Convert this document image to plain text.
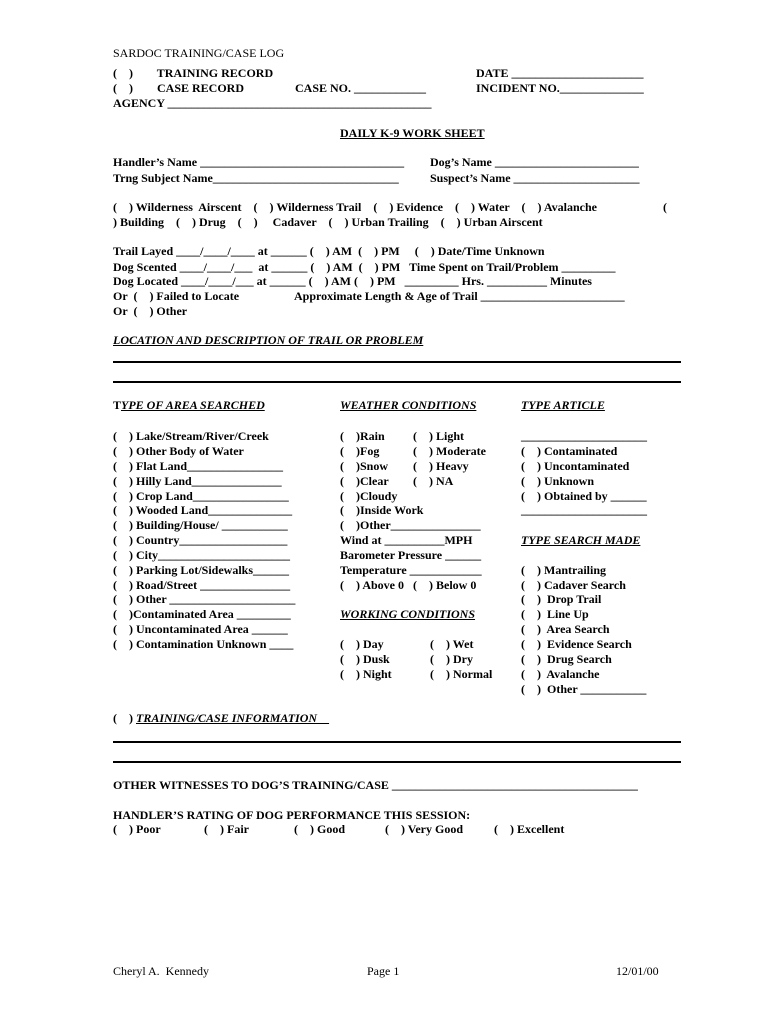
SARDOC TRAINING/CASE LOG
(    )        TRAINING RECORD
(    )        CASE RECORD	CASE NO. ____________
DATE ______________________
INCIDENT NO.______________
AGENCY ____________________________________________
DAILY K-9 WORK SHEET
Handler’s Name __________________________________
Trng Subject Name_______________________________
Dog’s Name ________________________
Suspect’s Name _____________________
(    ) Wilderness  Airscent    (    ) Wilderness Trail    (    ) Evidence    (    ) Water    (    ) Avalanche	(
) Building    (    ) Drug    (    )     Cadaver    (    ) Urban Trailing    (    ) Urban Airscent
Trail Layed ____/____/____ at ______ (    ) AM  (    ) PM     (    ) Date/Time Unknown
Dog Scented ____/____/___  at ______ (    ) AM  (    ) PM   Time Spent on Trail/Problem _________
Dog Located ____/____/___ at ______ (    ) AM (    ) PM   _________ Hrs. __________ Minutes
Or  (    ) Failed to Locate	Approximate Length & Age of Trail ________________________
Or  (    ) Other
LOCATION AND DESCRIPTION OF TRAIL OR PROBLEM
TYPE OF AREA SEARCHED
(    ) Lake/Stream/River/Creek
(    ) Other Body of Water
(    ) Flat Land________________
(    ) Hilly Land_______________
(    ) Crop Land________________
(    ) Wooded Land______________
(    ) Building/House/ ___________
(    ) Country__________________
(    ) City______________________
(    ) Parking Lot/Sidewalks______
(    ) Road/Street _______________
(    ) Other _____________________
(    )Contaminated Area _________
(    ) Uncontaminated Area ______
(    ) Contamination Unknown ____
WEATHER CONDITIONS
(    )Rain
(    )Fog
(    )Snow
(    )Clear
(    )Cloudy
(    )Inside Work
(    )Other_______________
(    ) Light
(    ) Moderate
(    ) Heavy
(    ) NA
Wind at __________MPH
Barometer Pressure ______
Temperature ____________
(    ) Above 0   (    ) Below 0
WORKING CONDITIONS
(    ) Day
(    ) Dusk
(    ) Night
(    ) Wet
(    ) Dry
(    ) Normal
TYPE ARTICLE
_____________________
(    ) Contaminated
(    ) Uncontaminated
(    ) Unknown
(    ) Obtained by ______
_____________________
TYPE SEARCH MADE
(    ) Mantrailing
(    ) Cadaver Search
(    )  Drop Trail
(    )  Line Up
(    )  Area Search
(    )  Evidence Search
(    )  Drug Search
(    )  Avalanche
(    )  Other ___________
(    ) TRAINING/CASE INFORMATION
OTHER WITNESSES TO DOG’S TRAINING/CASE _________________________________________
HANDLER’S RATING OF DOG PERFORMANCE THIS SESSION:
(    ) Poor	(    ) Fair	(    ) Good	(    ) Very Good	(    ) Excellent
Cheryl A.  Kennedy	Page 1	12/01/00
